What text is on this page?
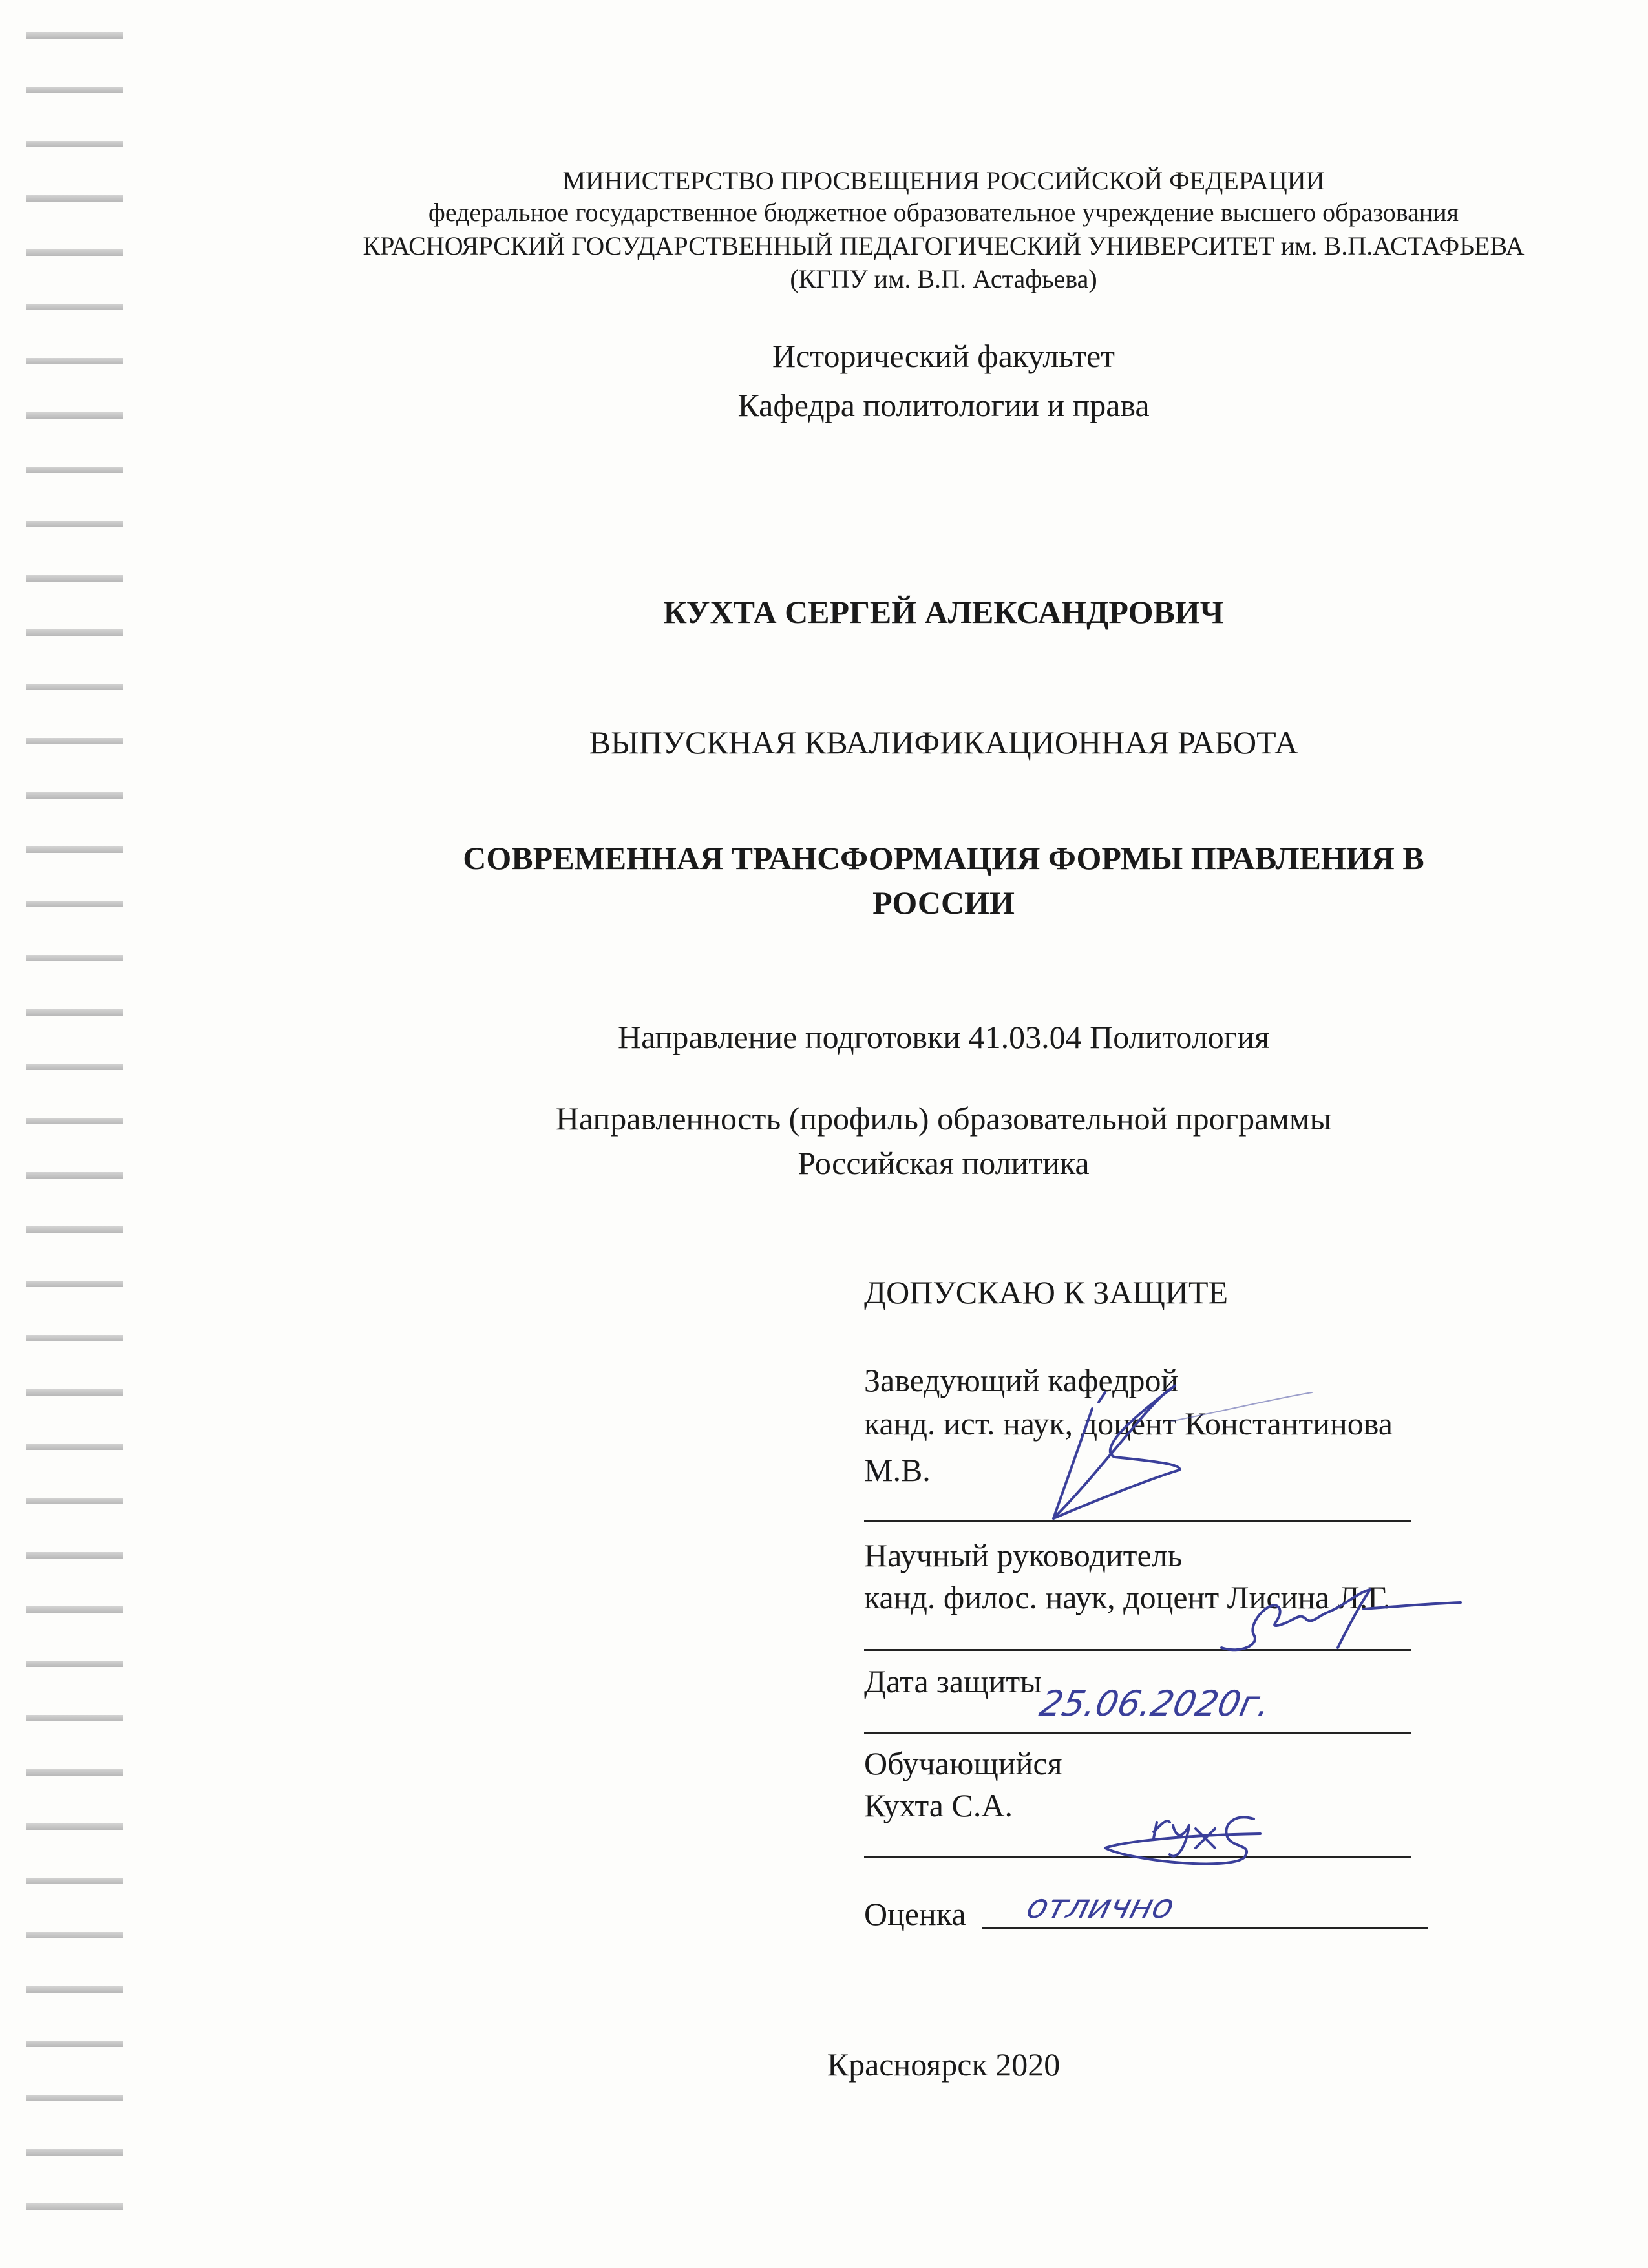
МИНИСТЕРСТВО ПРОСВЕЩЕНИЯ РОССИЙСКОЙ ФЕДЕРАЦИИ
федеральное государственное бюджетное образовательное учреждение высшего образования
КРАСНОЯРСКИЙ ГОСУДАРСТВЕННЫЙ ПЕДАГОГИЧЕСКИЙ УНИВЕРСИТЕТ им. В.П.АСТАФЬЕВА
(КГПУ им. В.П. Астафьева)
Исторический факультет
Кафедра политологии и права
КУХТА СЕРГЕЙ АЛЕКСАНДРОВИЧ
ВЫПУСКНАЯ КВАЛИФИКАЦИОННАЯ РАБОТА
СОВРЕМЕННАЯ ТРАНСФОРМАЦИЯ ФОРМЫ ПРАВЛЕНИЯ В
РОССИИ
Направление подготовки 41.03.04 Политология
Направленность (профиль) образовательной программы
Российская политика
ДОПУСКАЮ К ЗАЩИТЕ
Заведующий кафедрой
канд. ист. наук, доцент Константинова
М.В.
Научный руководитель
канд. филос. наук, доцент Лисина Л.Г.
Дата защиты
25.06.2020г.
Обучающийся
Кухта С.А.
Оценка отлично
Красноярск 2020
